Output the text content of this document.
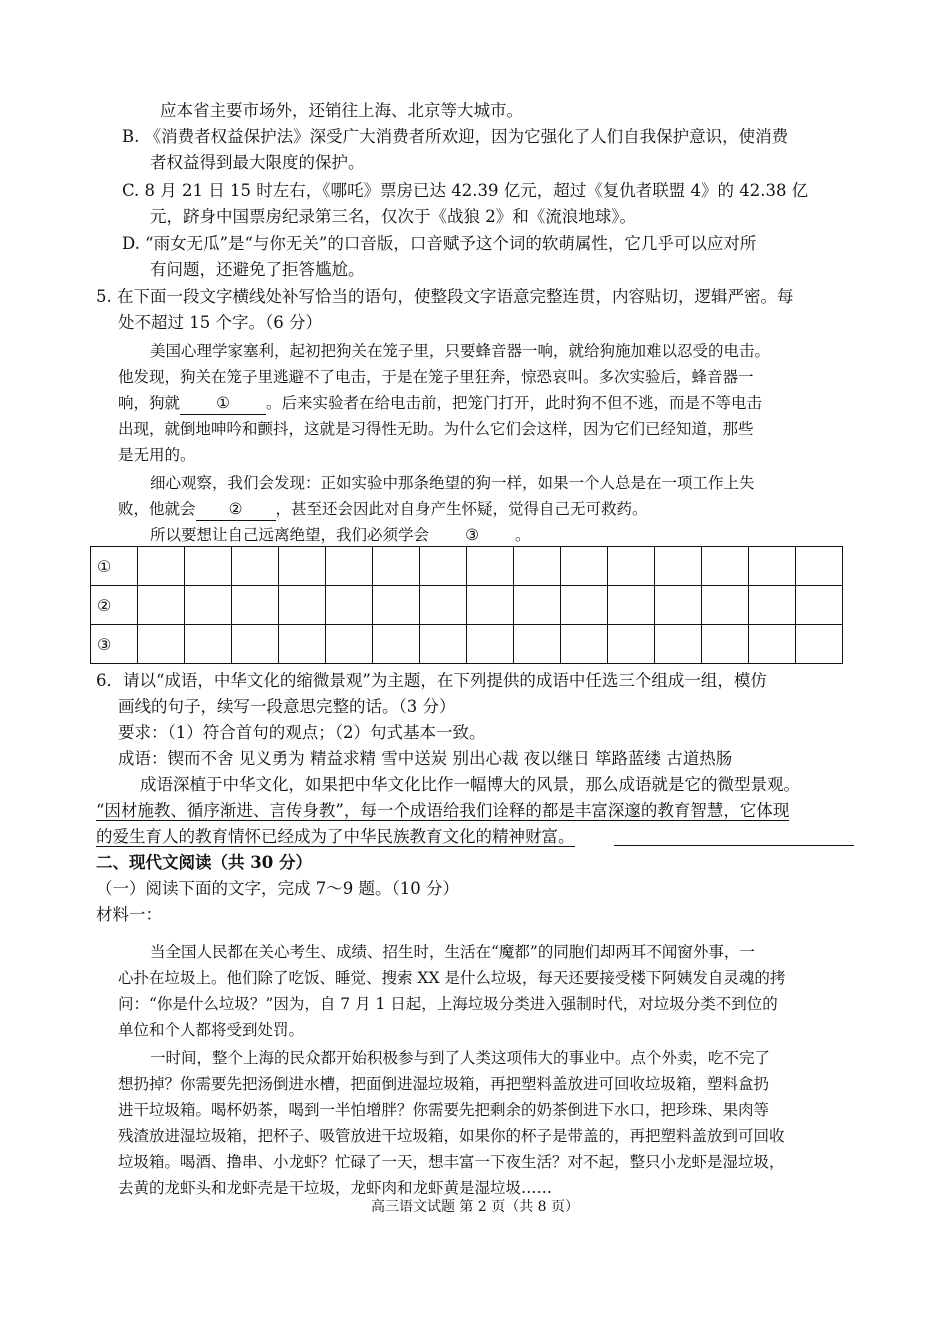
应本省主要市场外，还销往上海、北京等大城市。
B. 《消费者权益保护法》深受广大消费者所欢迎，因为它强化了人们自我保护意识，使消费
者权益得到最大限度的保护。
C. 8 月 21 日 15 时左右，《哪吒》票房已达 42.39 亿元，超过《复仇者联盟 4》的 42.38 亿
元，跻身中国票房纪录第三名，仅次于《战狼 2》和《流浪地球》。
D. “雨女无瓜”是“与你无关”的口音版，口音赋予这个词的软萌属性，它几乎可以应对所
有问题，还避免了拒答尴尬。
5. 在下面一段文字横线处补写恰当的语句，使整段文字语意完整连贯，内容贴切，逻辑严密。每
处不超过 15 个字。（6 分）
美国心理学家塞利，起初把狗关在笼子里，只要蜂音器一响，就给狗施加难以忍受的电击。
他发现，狗关在笼子里逃避不了电击，于是在笼子里狂奔，惊恐哀叫。多次实验后，蜂音器一
响，狗就 ① 。后来实验者在给电击前，把笼门打开，此时狗不但不逃，而是不等电击
出现，就倒地呻吟和颤抖，这就是习得性无助。为什么它们会这样，因为它们已经知道，那些
是无用的。
细心观察，我们会发现：正如实验中那条绝望的狗一样，如果一个人总是在一项工作上失
败，他就会 ② ，甚至还会因此对自身产生怀疑，觉得自己无可救药。
所以要想让自己远离绝望，我们必须学会 ③ 。
①															
②															
③															
6．请以“成语，中华文化的缩微景观”为主题，在下列提供的成语中任选三个组成一组，模仿
画线的句子，续写一段意思完整的话。（3 分）
要求：（1）符合首句的观点；（2）句式基本一致。
成语：锲而不舍 见义勇为 精益求精 雪中送炭 别出心裁 夜以继日 筚路蓝缕 古道热肠
成语深植于中华文化，如果把中华文化比作一幅博大的风景，那么成语就是它的微型景观。
“因材施教、循序渐进、言传身教”，每一个成语给我们诠释的都是丰富深邃的教育智慧，它体现
的爱生育人的教育情怀已经成为了中华民族教育文化的精神财富。
二、现代文阅读（共 30 分）
（一）阅读下面的文字，完成 7～9 题。（10 分）
材料一：
当全国人民都在关心考生、成绩、招生时，生活在“魔都”的同胞们却两耳不闻窗外事，一
心扑在垃圾上。他们除了吃饭、睡觉、搜索 XX 是什么垃圾，每天还要接受楼下阿姨发自灵魂的拷
问：“你是什么垃圾？”因为，自 7 月 1 日起，上海垃圾分类进入强制时代，对垃圾分类不到位的
单位和个人都将受到处罚。
一时间，整个上海的民众都开始积极参与到了人类这项伟大的事业中。点个外卖，吃不完了
想扔掉？你需要先把汤倒进水槽，把面倒进湿垃圾箱，再把塑料盖放进可回收垃圾箱，塑料盒扔
进干垃圾箱。喝杯奶茶，喝到一半怕增胖？你需要先把剩余的奶茶倒进下水口，把珍珠、果肉等
残渣放进湿垃圾箱，把杯子、吸管放进干垃圾箱，如果你的杯子是带盖的，再把塑料盖放到可回收
垃圾箱。喝酒、撸串、小龙虾？忙碌了一天，想丰富一下夜生活？对不起，整只小龙虾是湿垃圾，
去黄的龙虾头和龙虾壳是干垃圾，龙虾肉和龙虾黄是湿垃圾……
高三语文试题 第 2 页（共 8 页）
